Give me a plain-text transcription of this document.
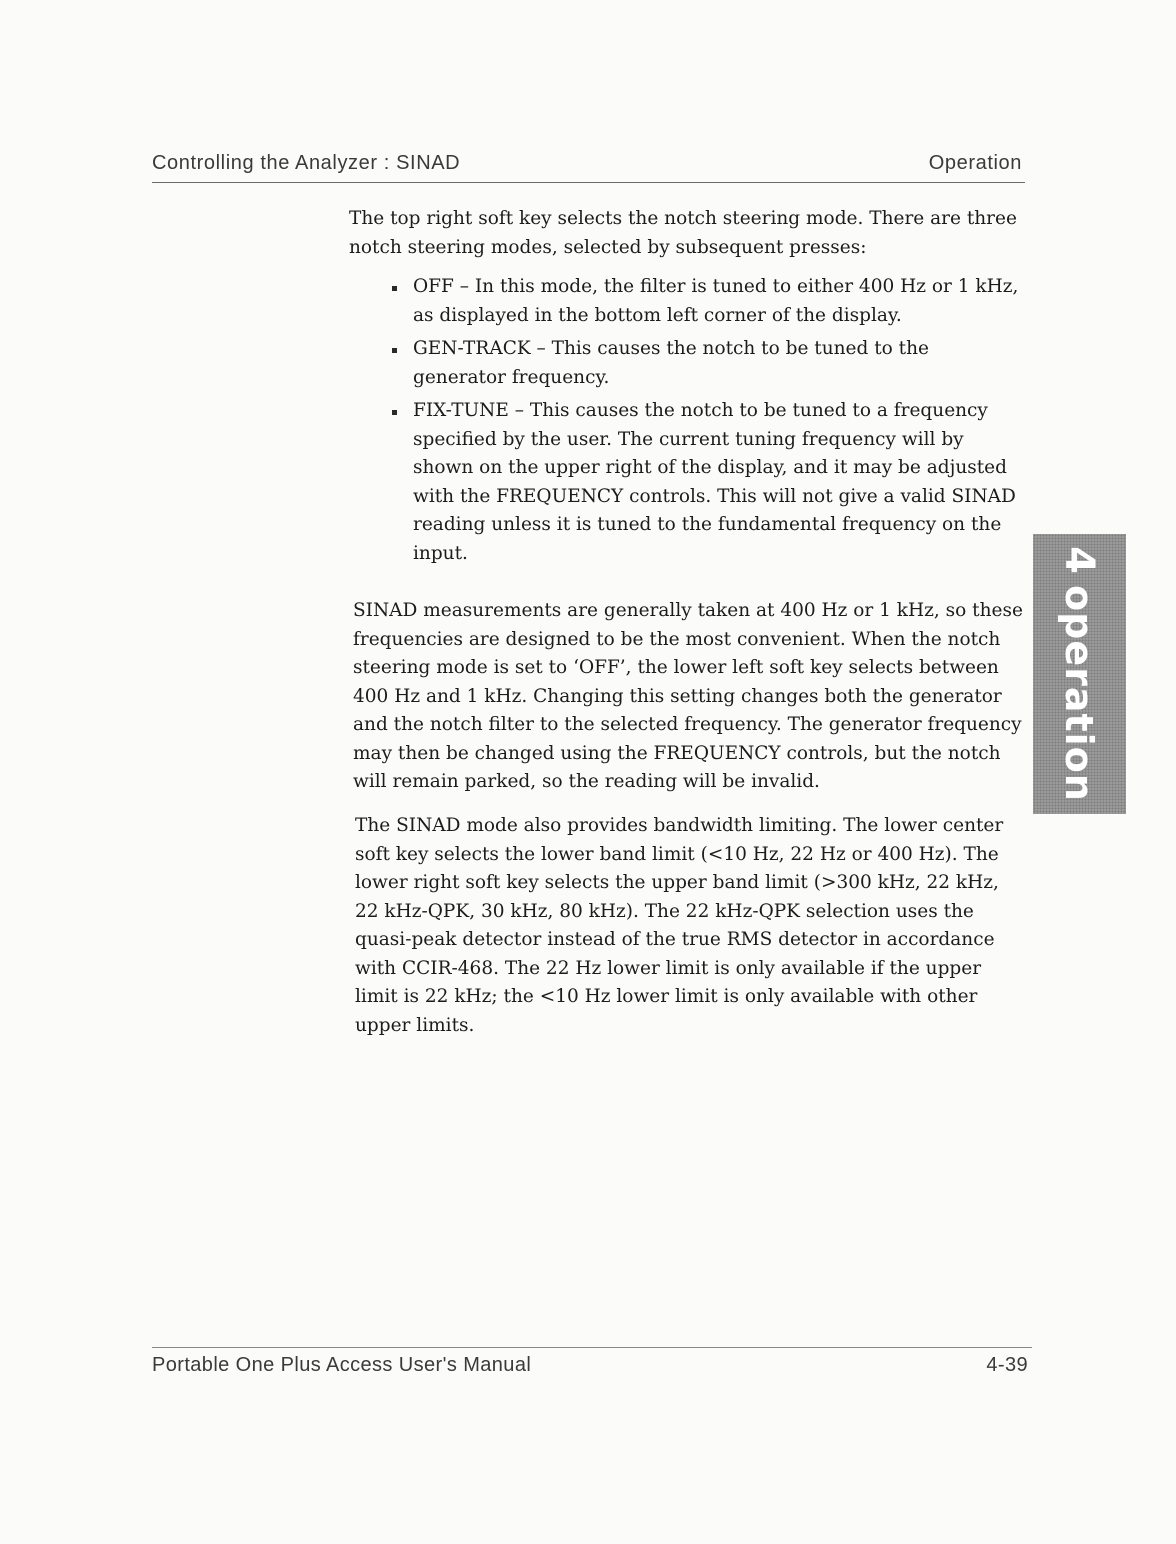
Controlling the Analyzer : SINAD	Operation

The top right soft key selects the notch steering mode. There are three notch steering modes, selected by subsequent presses:

OFF – In this mode, the filter is tuned to either 400 Hz or 1 kHz, as displayed in the bottom left corner of the display.
GEN-TRACK – This causes the notch to be tuned to the generator frequency.
FIX-TUNE – This causes the notch to be tuned to a frequency specified by the user. The current tuning frequency will by shown on the upper right of the display, and it may be adjusted with the FREQUENCY controls. This will not give a valid SINAD reading unless it is tuned to the fundamental frequency on the input.

SINAD measurements are generally taken at 400 Hz or 1 kHz, so these frequencies are designed to be the most convenient. When the notch steering mode is set to ‘OFF’, the lower left soft key selects between 400 Hz and 1 kHz. Changing this setting changes both the generator and the notch filter to the selected frequency. The generator frequency may then be changed using the FREQUENCY controls, but the notch will remain parked, so the reading will be invalid.

The SINAD mode also provides bandwidth limiting. The lower center soft key selects the lower band limit (<10 Hz, 22 Hz or 400 Hz). The lower right soft key selects the upper band limit (>300 kHz, 22 kHz, 22 kHz-QPK, 30 kHz, 80 kHz). The 22 kHz-QPK selection uses the quasi-peak detector instead of the true RMS detector in accordance with CCIR-468. The 22 Hz lower limit is only available if the upper limit is 22 kHz; the <10 Hz lower limit is only available with other upper limits.

4operation
Portable One Plus Access User's Manual	4-39
